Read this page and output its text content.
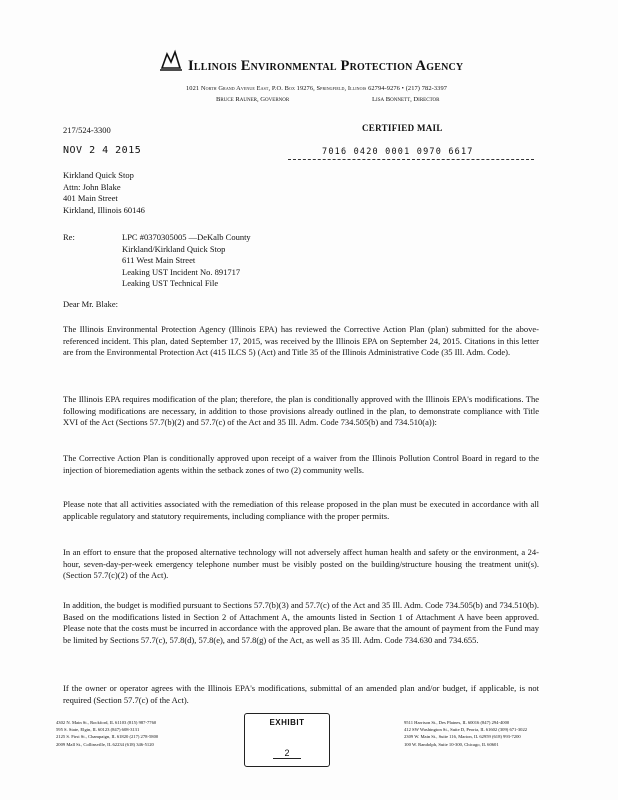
Illinois Environmental Protection Agency
1021 North Grand Avenue East, P.O. Box 19276, Springfield, Illinois 62794-9276 • (217) 782-3397
Bruce Rauner, Governor	Lisa Bonnett, Director
217/524-3300	CERTIFIED MAIL
NOV 2 4 2015	7016 0420 0001 0970 6617
Kirkland Quick Stop
Attn: John Blake
401 Main Street
Kirkland, Illinois 60146
Re:	LPC #0370305005 —DeKalb County
Kirkland/Kirkland Quick Stop
611 West Main Street
Leaking UST Incident No. 891717
Leaking UST Technical File
Dear Mr. Blake:
The Illinois Environmental Protection Agency (Illinois EPA) has reviewed the Corrective Action Plan (plan) submitted for the above-referenced incident. This plan, dated September 17, 2015, was received by the Illinois EPA on September 24, 2015. Citations in this letter are from the Environmental Protection Act (415 ILCS 5) (Act) and Title 35 of the Illinois Administrative Code (35 Ill. Adm. Code).
The Illinois EPA requires modification of the plan; therefore, the plan is conditionally approved with the Illinois EPA's modifications. The following modifications are necessary, in addition to those provisions already outlined in the plan, to demonstrate compliance with Title XVI of the Act (Sections 57.7(b)(2) and 57.7(c) of the Act and 35 Ill. Adm. Code 734.505(b) and 734.510(a)):
The Corrective Action Plan is conditionally approved upon receipt of a waiver from the Illinois Pollution Control Board in regard to the injection of bioremediation agents within the setback zones of two (2) community wells.
Please note that all activities associated with the remediation of this release proposed in the plan must be executed in accordance with all applicable regulatory and statutory requirements, including compliance with the proper permits.
In an effort to ensure that the proposed alternative technology will not adversely affect human health and safety or the environment, a 24-hour, seven-day-per-week emergency telephone number must be visibly posted on the building/structure housing the treatment unit(s). (Section 57.7(c)(2) of the Act).
In addition, the budget is modified pursuant to Sections 57.7(b)(3) and 57.7(c) of the Act and 35 Ill. Adm. Code 734.505(b) and 734.510(b). Based on the modifications listed in Section 2 of Attachment A, the amounts listed in Section 1 of Attachment A have been approved. Please note that the costs must be incurred in accordance with the approved plan. Be aware that the amount of payment from the Fund may be limited by Sections 57.7(c), 57.8(d), 57.8(e), and 57.8(g) of the Act, as well as 35 Ill. Adm. Code 734.630 and 734.655.
If the owner or operator agrees with the Illinois EPA's modifications, submittal of an amended plan and/or budget, if applicable, is not required (Section 57.7(c) of the Act).
4302 N. Main St., Rockford, IL 61103 (815) 987-7760
595 S. State, Elgin, IL 60123 (847) 608-3131
2125 S. First St., Champaign, IL 61820 (217) 278-5800
2009 Mall St., Collinsville, IL 62234 (618) 346-5120
9511 Harrison St., Des Plaines, IL 60016 (847) 294-4000
412 SW Washington St., Suite D, Peoria, IL 61602 (309) 671-3022
2309 W. Main St., Suite 116, Marion, IL 62959 (618) 993-7200
100 W. Randolph, Suite 10-300, Chicago, IL 60601
EXHIBIT
2
